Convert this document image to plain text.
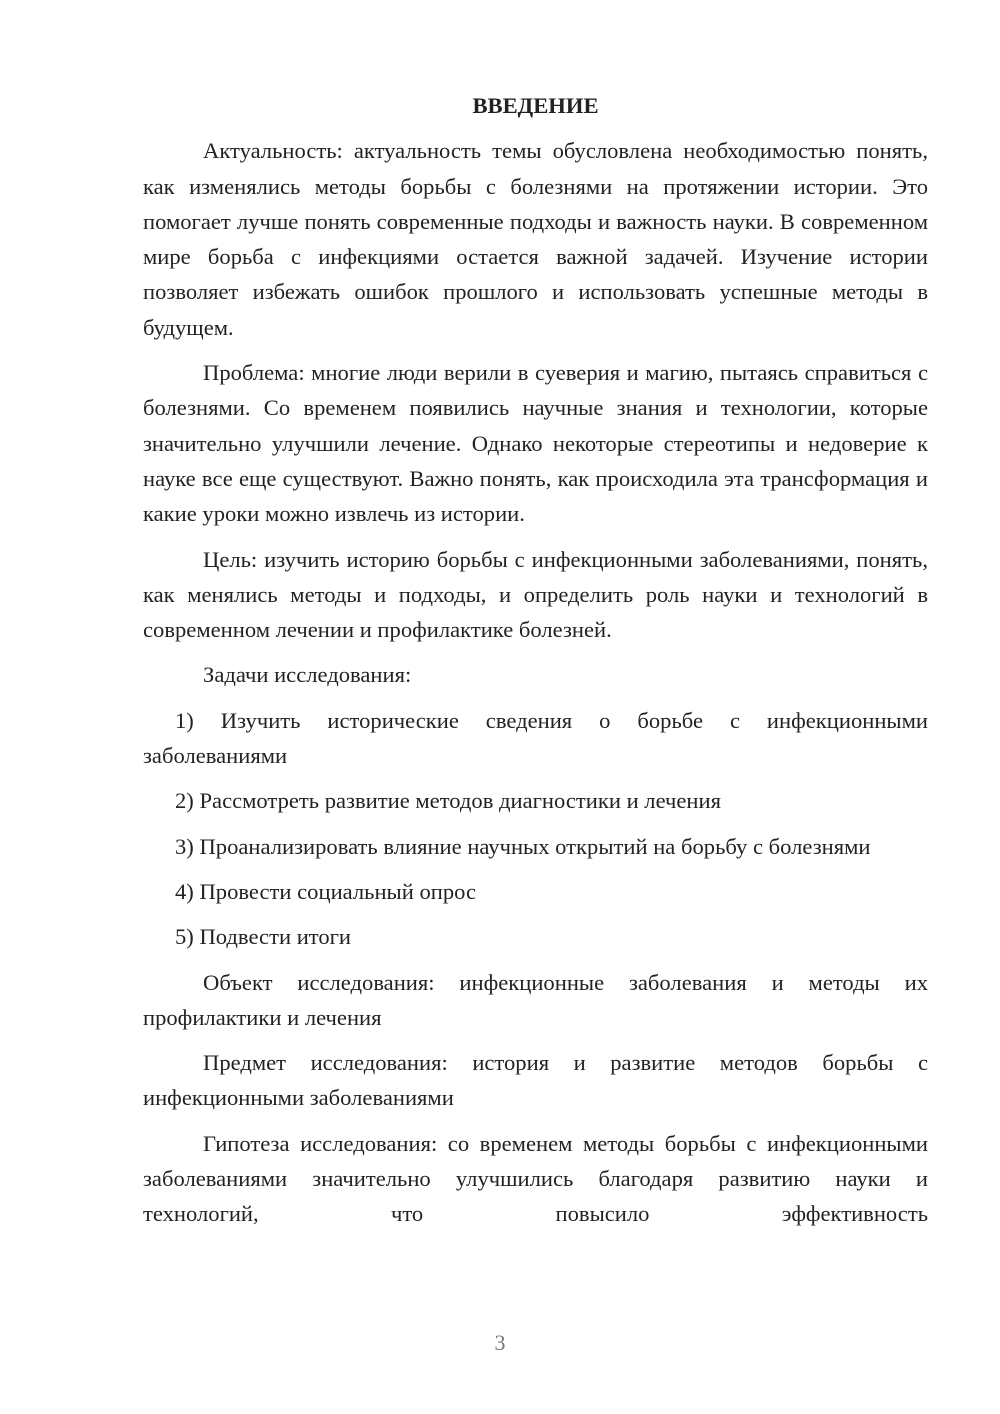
ВВЕДЕНИЕ
Актуальность: актуальность темы обусловлена необходимостью понять, как изменялись методы борьбы с болезнями на протяжении истории. Это помогает лучше понять современные подходы и важность науки. В современном мире борьба с инфекциями остается важной задачей. Изучение истории позволяет избежать ошибок прошлого и использовать успешные методы в будущем.
Проблема: многие люди верили в суеверия и магию, пытаясь справиться с болезнями. Со временем появились научные знания и технологии, которые значительно улучшили лечение. Однако некоторые стереотипы и недоверие к науке все еще существуют. Важно понять, как происходила эта трансформация и какие уроки можно извлечь из истории.
Цель: изучить историю борьбы с инфекционными заболеваниями, понять, как менялись методы и подходы, и определить роль науки и технологий в современном лечении и профилактике болезней.
Задачи исследования:
1) Изучить исторические сведения о борьбе с инфекционными заболеваниями
2) Рассмотреть развитие методов диагностики и лечения
3) Проанализировать влияние научных открытий на борьбу с болезнями
4) Провести социальный опрос
5) Подвести итоги
Объект исследования: инфекционные заболевания и методы их профилактики и лечения
Предмет исследования: история и развитие методов борьбы с инфекционными заболеваниями
Гипотеза исследования: со временем методы борьбы с инфекционными заболеваниями значительно улучшились благодаря развитию науки и технологий, что повысило эффективность
3
